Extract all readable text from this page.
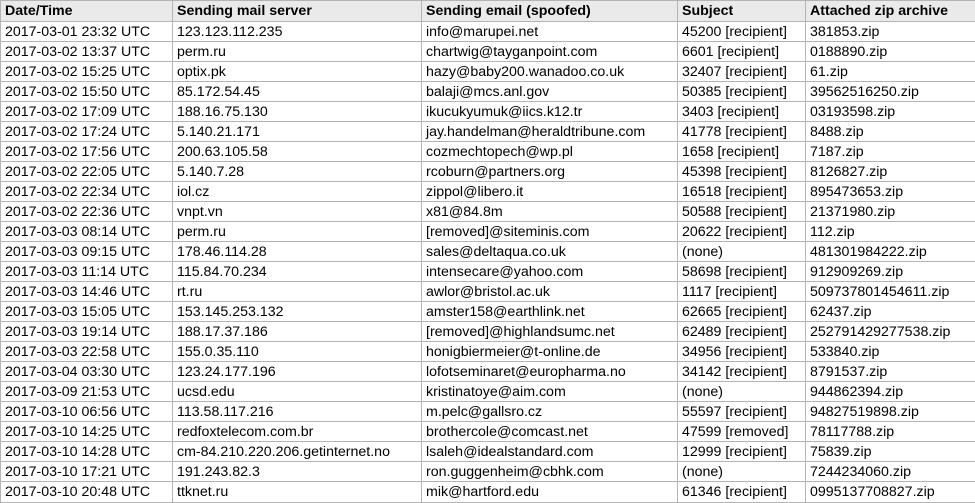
Date/Time	Sending mail server	Sending email (spoofed)	Subject	Attached zip archive
2017-03-01 23:32 UTC	123.123.112.235	info@marupei.net	45200 [recipient]	381853.zip
2017-03-02 13:37 UTC	perm.ru	chartwig@tayganpoint.com	6601 [recipient]	0188890.zip
2017-03-02 15:25 UTC	optix.pk	hazy@baby200.wanadoo.co.uk	32407 [recipient]	61.zip
2017-03-02 15:50 UTC	85.172.54.45	balaji@mcs.anl.gov	50385 [recipient]	39562516250.zip
2017-03-02 17:09 UTC	188.16.75.130	ikucukyumuk@iics.k12.tr	3403 [recipient]	03193598.zip
2017-03-02 17:24 UTC	5.140.21.171	jay.handelman@heraldtribune.com	41778 [recipient]	8488.zip
2017-03-02 17:56 UTC	200.63.105.58	cozmechtopech@wp.pl	1658 [recipient]	7187.zip
2017-03-02 22:05 UTC	5.140.7.28	rcoburn@partners.org	45398 [recipient]	8126827.zip
2017-03-02 22:34 UTC	iol.cz	zippol@libero.it	16518 [recipient]	895473653.zip
2017-03-02 22:36 UTC	vnpt.vn	x81@84.8m	50588 [recipient]	21371980.zip
2017-03-03 08:14 UTC	perm.ru	[removed]@siteminis.com	20622 [recipient]	112.zip
2017-03-03 09:15 UTC	178.46.114.28	sales@deltaqua.co.uk	(none)	481301984222.zip
2017-03-03 11:14 UTC	115.84.70.234	intensecare@yahoo.com	58698 [recipient]	912909269.zip
2017-03-03 14:46 UTC	rt.ru	awlor@bristol.ac.uk	1117 [recipient]	509737801454611.zip
2017-03-03 15:05 UTC	153.145.253.132	amster158@earthlink.net	62665 [recipient]	62437.zip
2017-03-03 19:14 UTC	188.17.37.186	[removed]@highlandsumc.net	62489 [recipient]	252791429277538.zip
2017-03-03 22:58 UTC	155.0.35.110	honigbiermeier@t-online.de	34956 [recipient]	533840.zip
2017-03-04 03:30 UTC	123.24.177.196	lofotseminaret@europharma.no	34142 [recipient]	8791537.zip
2017-03-09 21:53 UTC	ucsd.edu	kristinatoye@aim.com	(none)	944862394.zip
2017-03-10 06:56 UTC	113.58.117.216	m.pelc@gallsro.cz	55597 [recipient]	94827519898.zip
2017-03-10 14:25 UTC	redfoxtelecom.com.br	brothercole@comcast.net	47599 [removed]	78117788.zip
2017-03-10 14:28 UTC	cm-84.210.220.206.getinternet.no	lsaleh@idealstandard.com	12999 [recipient]	75839.zip
2017-03-10 17:21 UTC	191.243.82.3	ron.guggenheim@cbhk.com	(none)	7244234060.zip
2017-03-10 20:48 UTC	ttknet.ru	mik@hartford.edu	61346 [recipient]	0995137708827.zip
